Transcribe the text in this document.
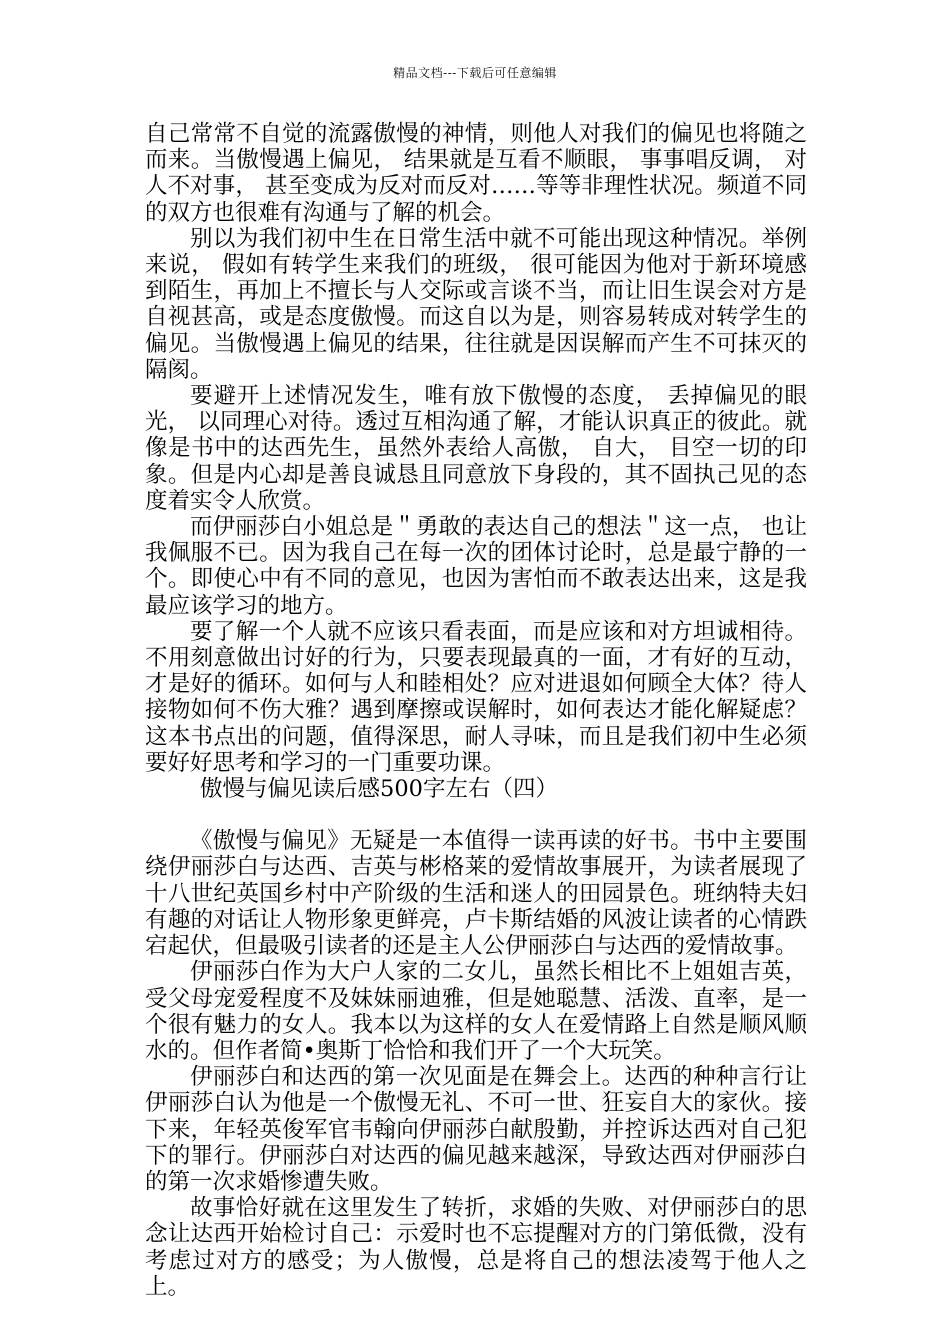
精品文档---下载后可任意编辑

自己常常不自觉的流露傲慢的神情，则他人对我们的偏见也将随之而来。当傲慢遇上偏见， 结果就是互看不顺眼， 事事唱反调， 对人不对事， 甚至变成为反对而反对……等等非理性状况。频道不同的双方也很难有沟通与了解的机会。

别以为我们初中生在日常生活中就不可能出现这种情况。举例来说， 假如有转学生来我们的班级， 很可能因为他对于新环境感到陌生，再加上不擅长与人交际或言谈不当，而让旧生误会对方是自视甚高，或是态度傲慢。而这自以为是，则容易转成对转学生的偏见。当傲慢遇上偏见的结果，往往就是因误解而产生不可抹灭的隔阂。

要避开上述情况发生，唯有放下傲慢的态度， 丢掉偏见的眼光， 以同理心对待。透过互相沟通了解，才能认识真正的彼此。就像是书中的达西先生，虽然外表给人高傲， 自大， 目空一切的印象。但是内心却是善良诚恳且同意放下身段的，其不固执己见的态度着实令人欣赏。

而伊丽莎白小姐总是＂勇敢的表达自己的想法＂这一点， 也让我佩服不已。因为我自己在每一次的团体讨论时，总是最宁静的一个。即使心中有不同的意见，也因为害怕而不敢表达出来，这是我最应该学习的地方。

要了解一个人就不应该只看表面，而是应该和对方坦诚相待。不用刻意做出讨好的行为，只要表现最真的一面，才有好的互动，才是好的循环。如何与人和睦相处？应对进退如何顾全大体？待人接物如何不伤大雅？遇到摩擦或误解时，如何表达才能化解疑虑？这本书点出的问题，值得深思，耐人寻味，而且是我们初中生必须要好好思考和学习的一门重要功课。

傲慢与偏见读后感500字左右（四）

《傲慢与偏见》无疑是一本值得一读再读的好书。书中主要围绕伊丽莎白与达西、吉英与彬格莱的爱情故事展开，为读者展现了十八世纪英国乡村中产阶级的生活和迷人的田园景色。班纳特夫妇有趣的对话让人物形象更鲜亮，卢卡斯结婚的风波让读者的心情跌宕起伏，但最吸引读者的还是主人公伊丽莎白与达西的爱情故事。

伊丽莎白作为大户人家的二女儿，虽然长相比不上姐姐吉英，受父母宠爱程度不及妹妹丽迪雅，但是她聪慧、活泼、直率，是一个很有魅力的女人。我本以为这样的女人在爱情路上自然是顺风顺水的。但作者简•奥斯丁恰恰和我们开了一个大玩笑。

伊丽莎白和达西的第一次见面是在舞会上。达西的种种言行让伊丽莎白认为他是一个傲慢无礼、不可一世、狂妄自大的家伙。接下来，年轻英俊军官韦翰向伊丽莎白献殷勤，并控诉达西对自己犯下的罪行。伊丽莎白对达西的偏见越来越深，导致达西对伊丽莎白的第一次求婚惨遭失败。

故事恰好就在这里发生了转折，求婚的失败、对伊丽莎白的思念让达西开始检讨自己：示爱时也不忘提醒对方的门第低微，没有考虑过对方的感受；为人傲慢，总是将自己的想法凌驾于他人之上。
